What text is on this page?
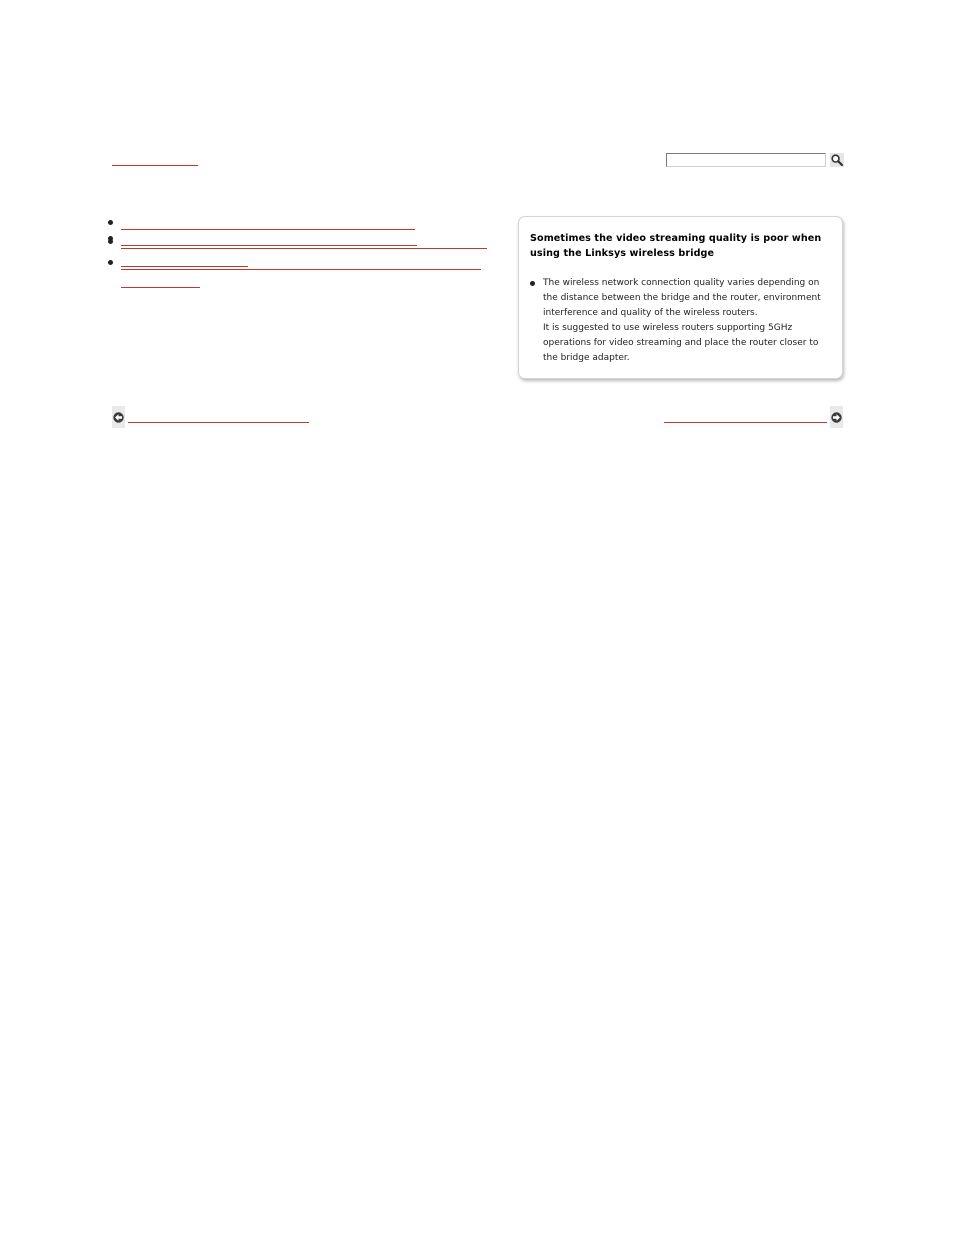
Sometimes the video streaming quality is poor when using the Linksys wireless bridge

The wireless network connection quality varies depending on the distance between the bridge and the router, environment interference and quality of the wireless routers.

It is suggested to use wireless routers supporting 5GHz operations for video streaming and place the router closer to the bridge adapter.
